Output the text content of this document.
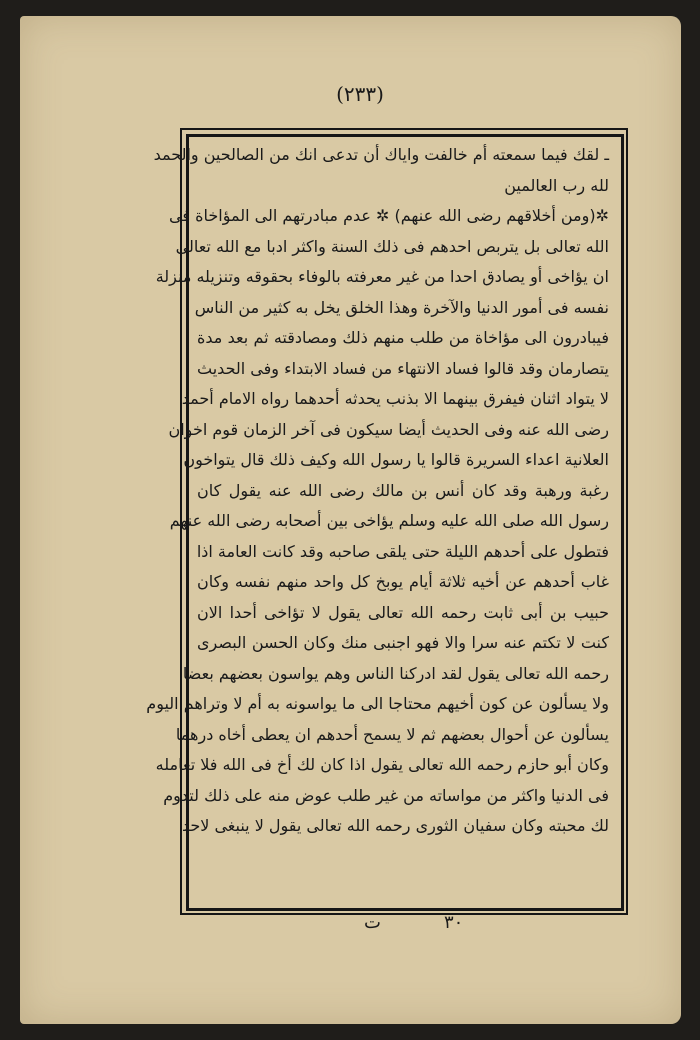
(۲۳۳)
ـ لقك فيما سمعته أم خالفت واياك أن تدعى انك من الصالحين والحمد
لله رب العالمين
✲(ومن أخلاقهم رضى الله عنهم) ✲ عدم مبادرتهم الى المؤاخاة فى
الله تعالى بل يتربص احدهم فى ذلك السنة واكثر ادبا مع الله تعالى
ان يؤاخى أو يصادق احدا من غير معرفته بالوفاء بحقوقه وتنزيله منزلة
نفسه فى أمور الدنيا والآخرة وهذا الخلق يخل به كثير من الناس
فيبادرون الى مؤاخاة من طلب منهم ذلك ومصادقته ثم بعد مدة
يتصارمان وقد قالوا فساد الانتهاء من فساد الابتداء وفى الحديث
لا يتواد اثنان فيفرق بينهما الا بذنب يحدثه أحدهما رواه الامام أحمد
رضى الله عنه وفى الحديث أيضا سيكون فى آخر الزمان قوم اخوان
العلانية اعداء السريرة قالوا يا رسول الله وكيف ذلك قال يتواخون
رغبة ورهبة وقد كان أنس بن مالك رضى الله عنه يقول كان
رسول الله صلى الله عليه وسلم يؤاخى بين أصحابه رضى الله عنهم
فتطول على أحدهم الليلة حتى يلقى صاحبه وقد كانت العامة اذا
غاب أحدهم عن أخيه ثلاثة أيام يوبخ كل واحد منهم نفسه وكان
حبيب بن أبى ثابت رحمه الله تعالى يقول لا تؤاخى أحدا الان
كنت لا تكتم عنه سرا والا فهو اجنبى منك وكان الحسن البصرى
رحمه الله تعالى يقول لقد ادركنا الناس وهم يواسون بعضهم بعضا
ولا يسألون عن كون أخيهم محتاجا الى ما يواسونه به أم لا وتراهم اليوم
يسألون عن أحوال بعضهم ثم لا يسمح أحدهم ان يعطى أخاه درهما
وكان أبو حازم رحمه الله تعالى يقول اذا كان لك أخ فى الله فلا تعامله
فى الدنيا واكثر من مواساته من غير طلب عوض منه على ذلك لتدوم
لك محبته وكان سفيان الثورى رحمه الله تعالى يقول لا ينبغى لاحد
۳۰
ت
